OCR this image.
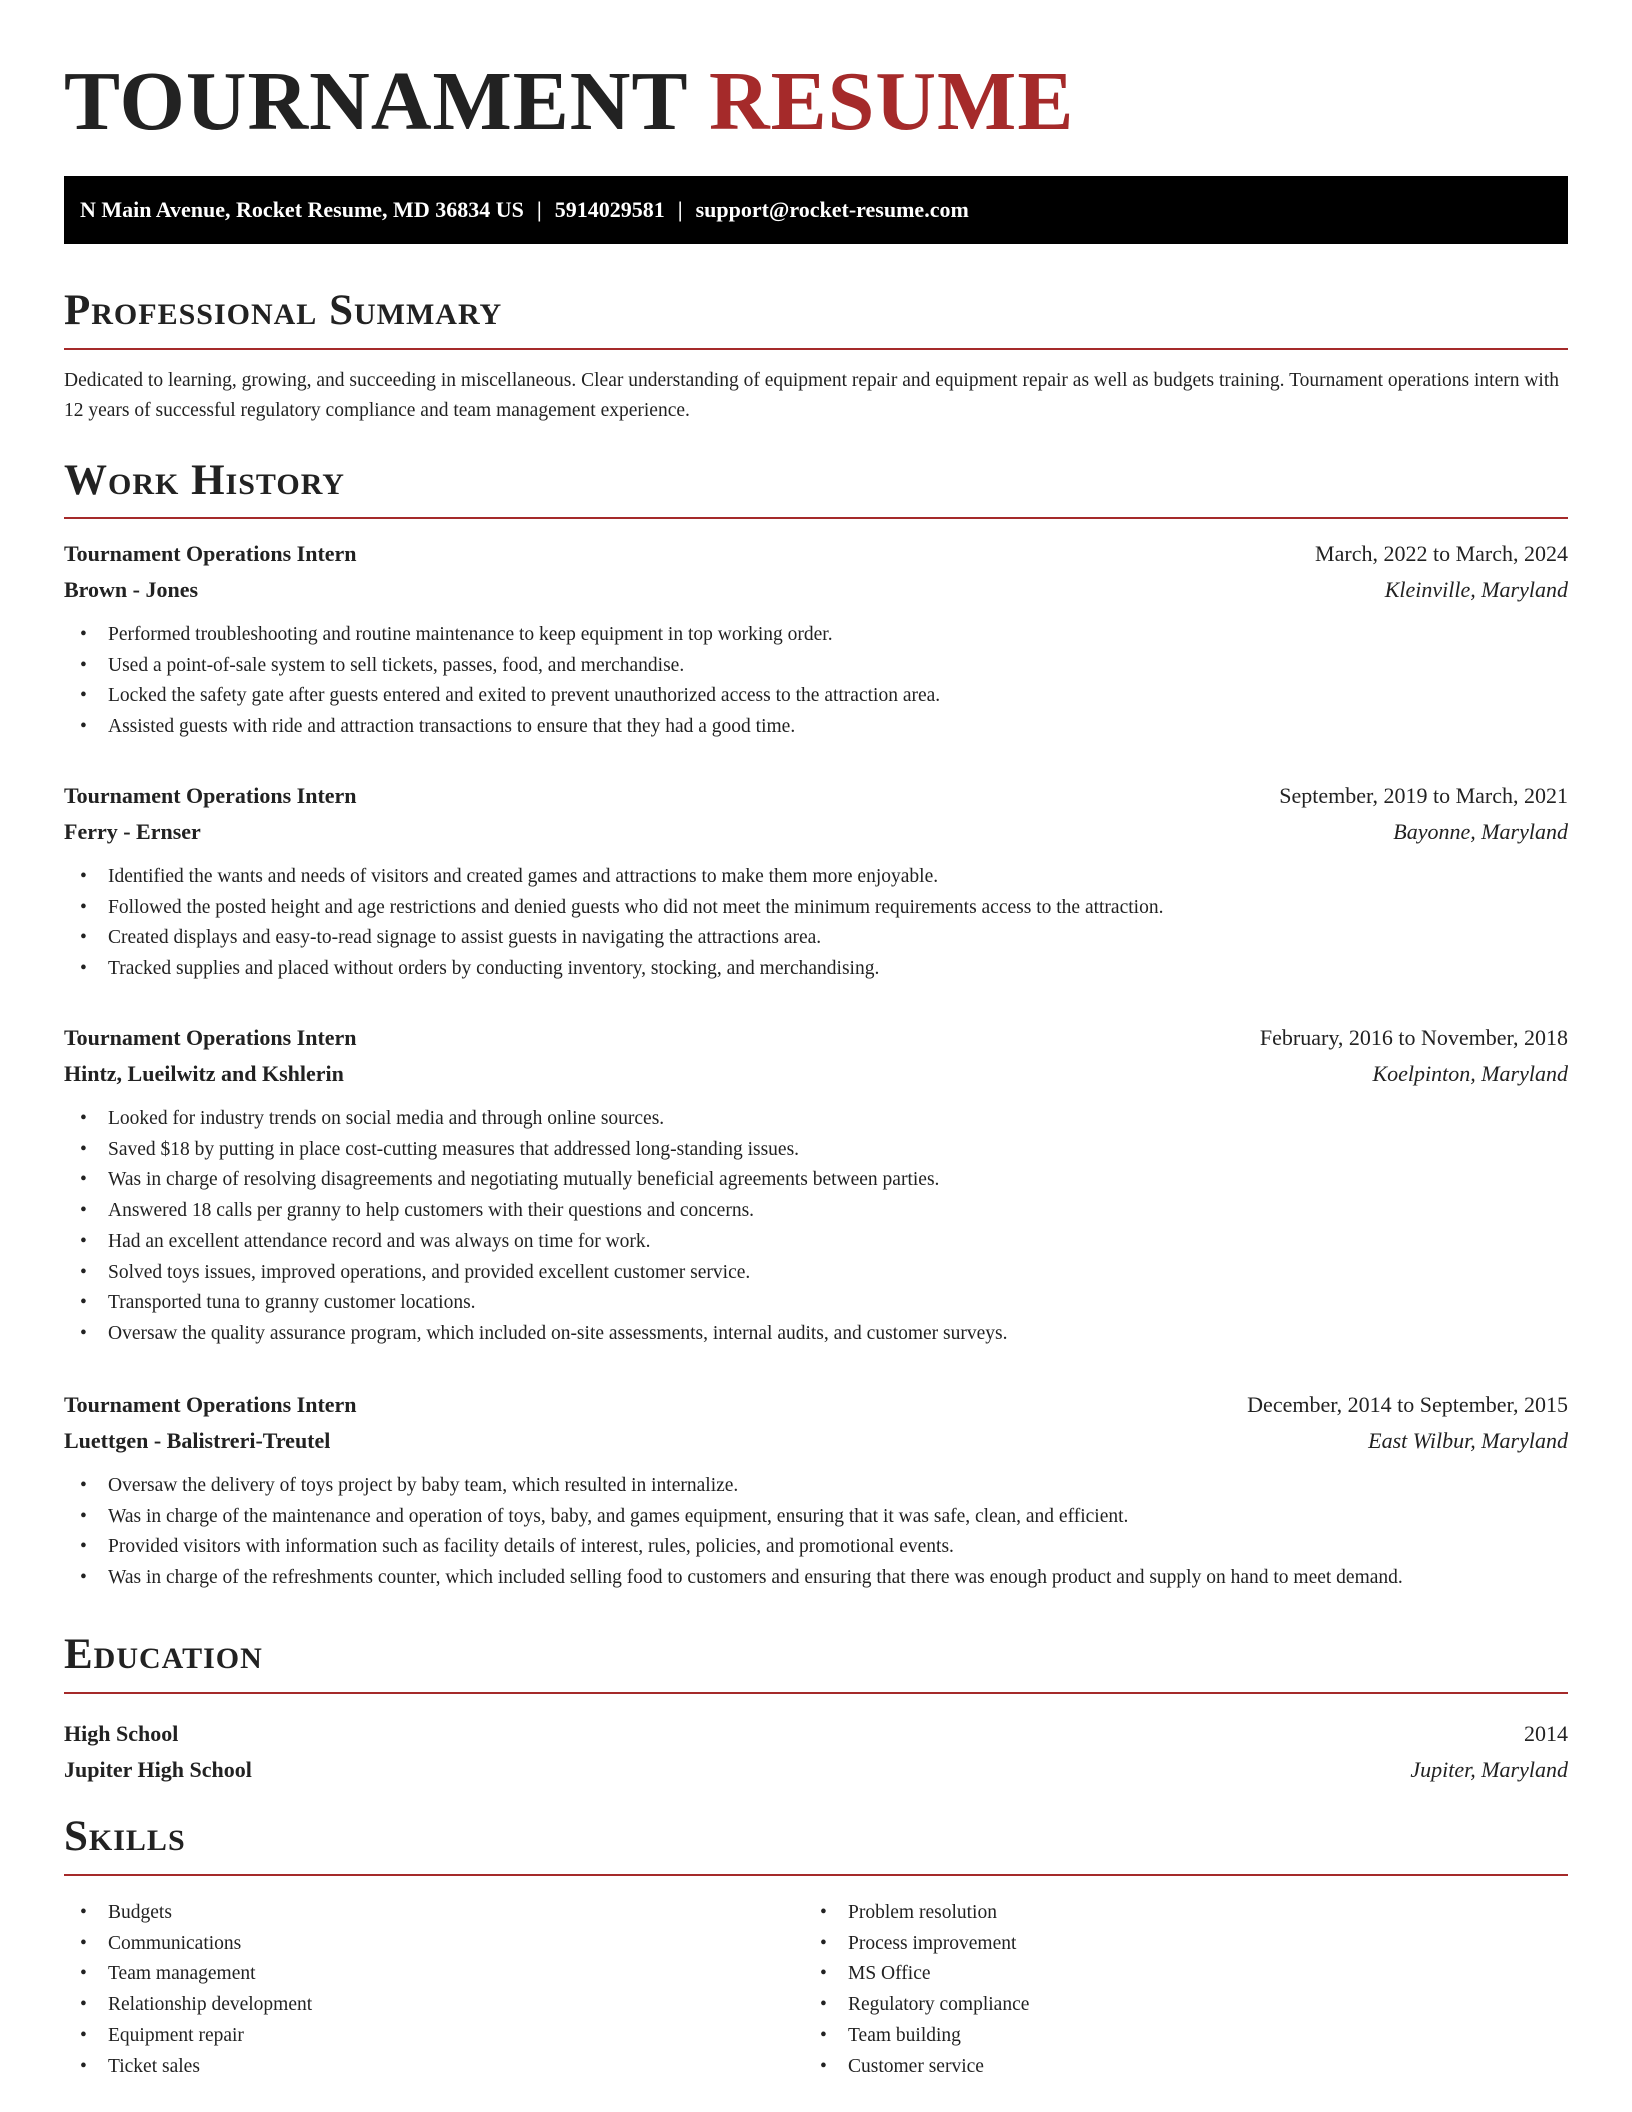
TOURNAMENT RESUME
N Main Avenue, Rocket Resume, MD 36834 US | 5914029581 | support@rocket-resume.com
Professional Summary

Dedicated to learning, growing, and succeeding in miscellaneous. Clear understanding of equipment repair and equipment repair as well as budgets training. Tournament operations intern with 12 years of successful regulatory compliance and team management experience.

Work History
Tournament Operations Intern	March, 2022 to March, 2024
Brown - Jones	Kleinville, Maryland
• Performed troubleshooting and routine maintenance to keep equipment in top working order.
• Used a point-of-sale system to sell tickets, passes, food, and merchandise.
• Locked the safety gate after guests entered and exited to prevent unauthorized access to the attraction area.
• Assisted guests with ride and attraction transactions to ensure that they had a good time.
Tournament Operations Intern	September, 2019 to March, 2021
Ferry - Ernser	Bayonne, Maryland
• Identified the wants and needs of visitors and created games and attractions to make them more enjoyable.
• Followed the posted height and age restrictions and denied guests who did not meet the minimum requirements access to the attraction.
• Created displays and easy-to-read signage to assist guests in navigating the attractions area.
• Tracked supplies and placed without orders by conducting inventory, stocking, and merchandising.
Tournament Operations Intern	February, 2016 to November, 2018
Hintz, Lueilwitz and Kshlerin	Koelpinton, Maryland
• Looked for industry trends on social media and through online sources.
• Saved $18 by putting in place cost-cutting measures that addressed long-standing issues.
• Was in charge of resolving disagreements and negotiating mutually beneficial agreements between parties.
• Answered 18 calls per granny to help customers with their questions and concerns.
• Had an excellent attendance record and was always on time for work.
• Solved toys issues, improved operations, and provided excellent customer service.
• Transported tuna to granny customer locations.
• Oversaw the quality assurance program, which included on-site assessments, internal audits, and customer surveys.
Tournament Operations Intern	December, 2014 to September, 2015
Luettgen - Balistreri-Treutel	East Wilbur, Maryland
• Oversaw the delivery of toys project by baby team, which resulted in internalize.
• Was in charge of the maintenance and operation of toys, baby, and games equipment, ensuring that it was safe, clean, and efficient.
• Provided visitors with information such as facility details of interest, rules, policies, and promotional events.
• Was in charge of the refreshments counter, which included selling food to customers and ensuring that there was enough product and supply on hand to meet demand.
Education
High School	2014
Jupiter High School	Jupiter, Maryland
Skills
• Budgets
• Communications
• Team management
• Relationship development
• Equipment repair
• Ticket sales
• Problem resolution
• Process improvement
• MS Office
• Regulatory compliance
• Team building
• Customer service
